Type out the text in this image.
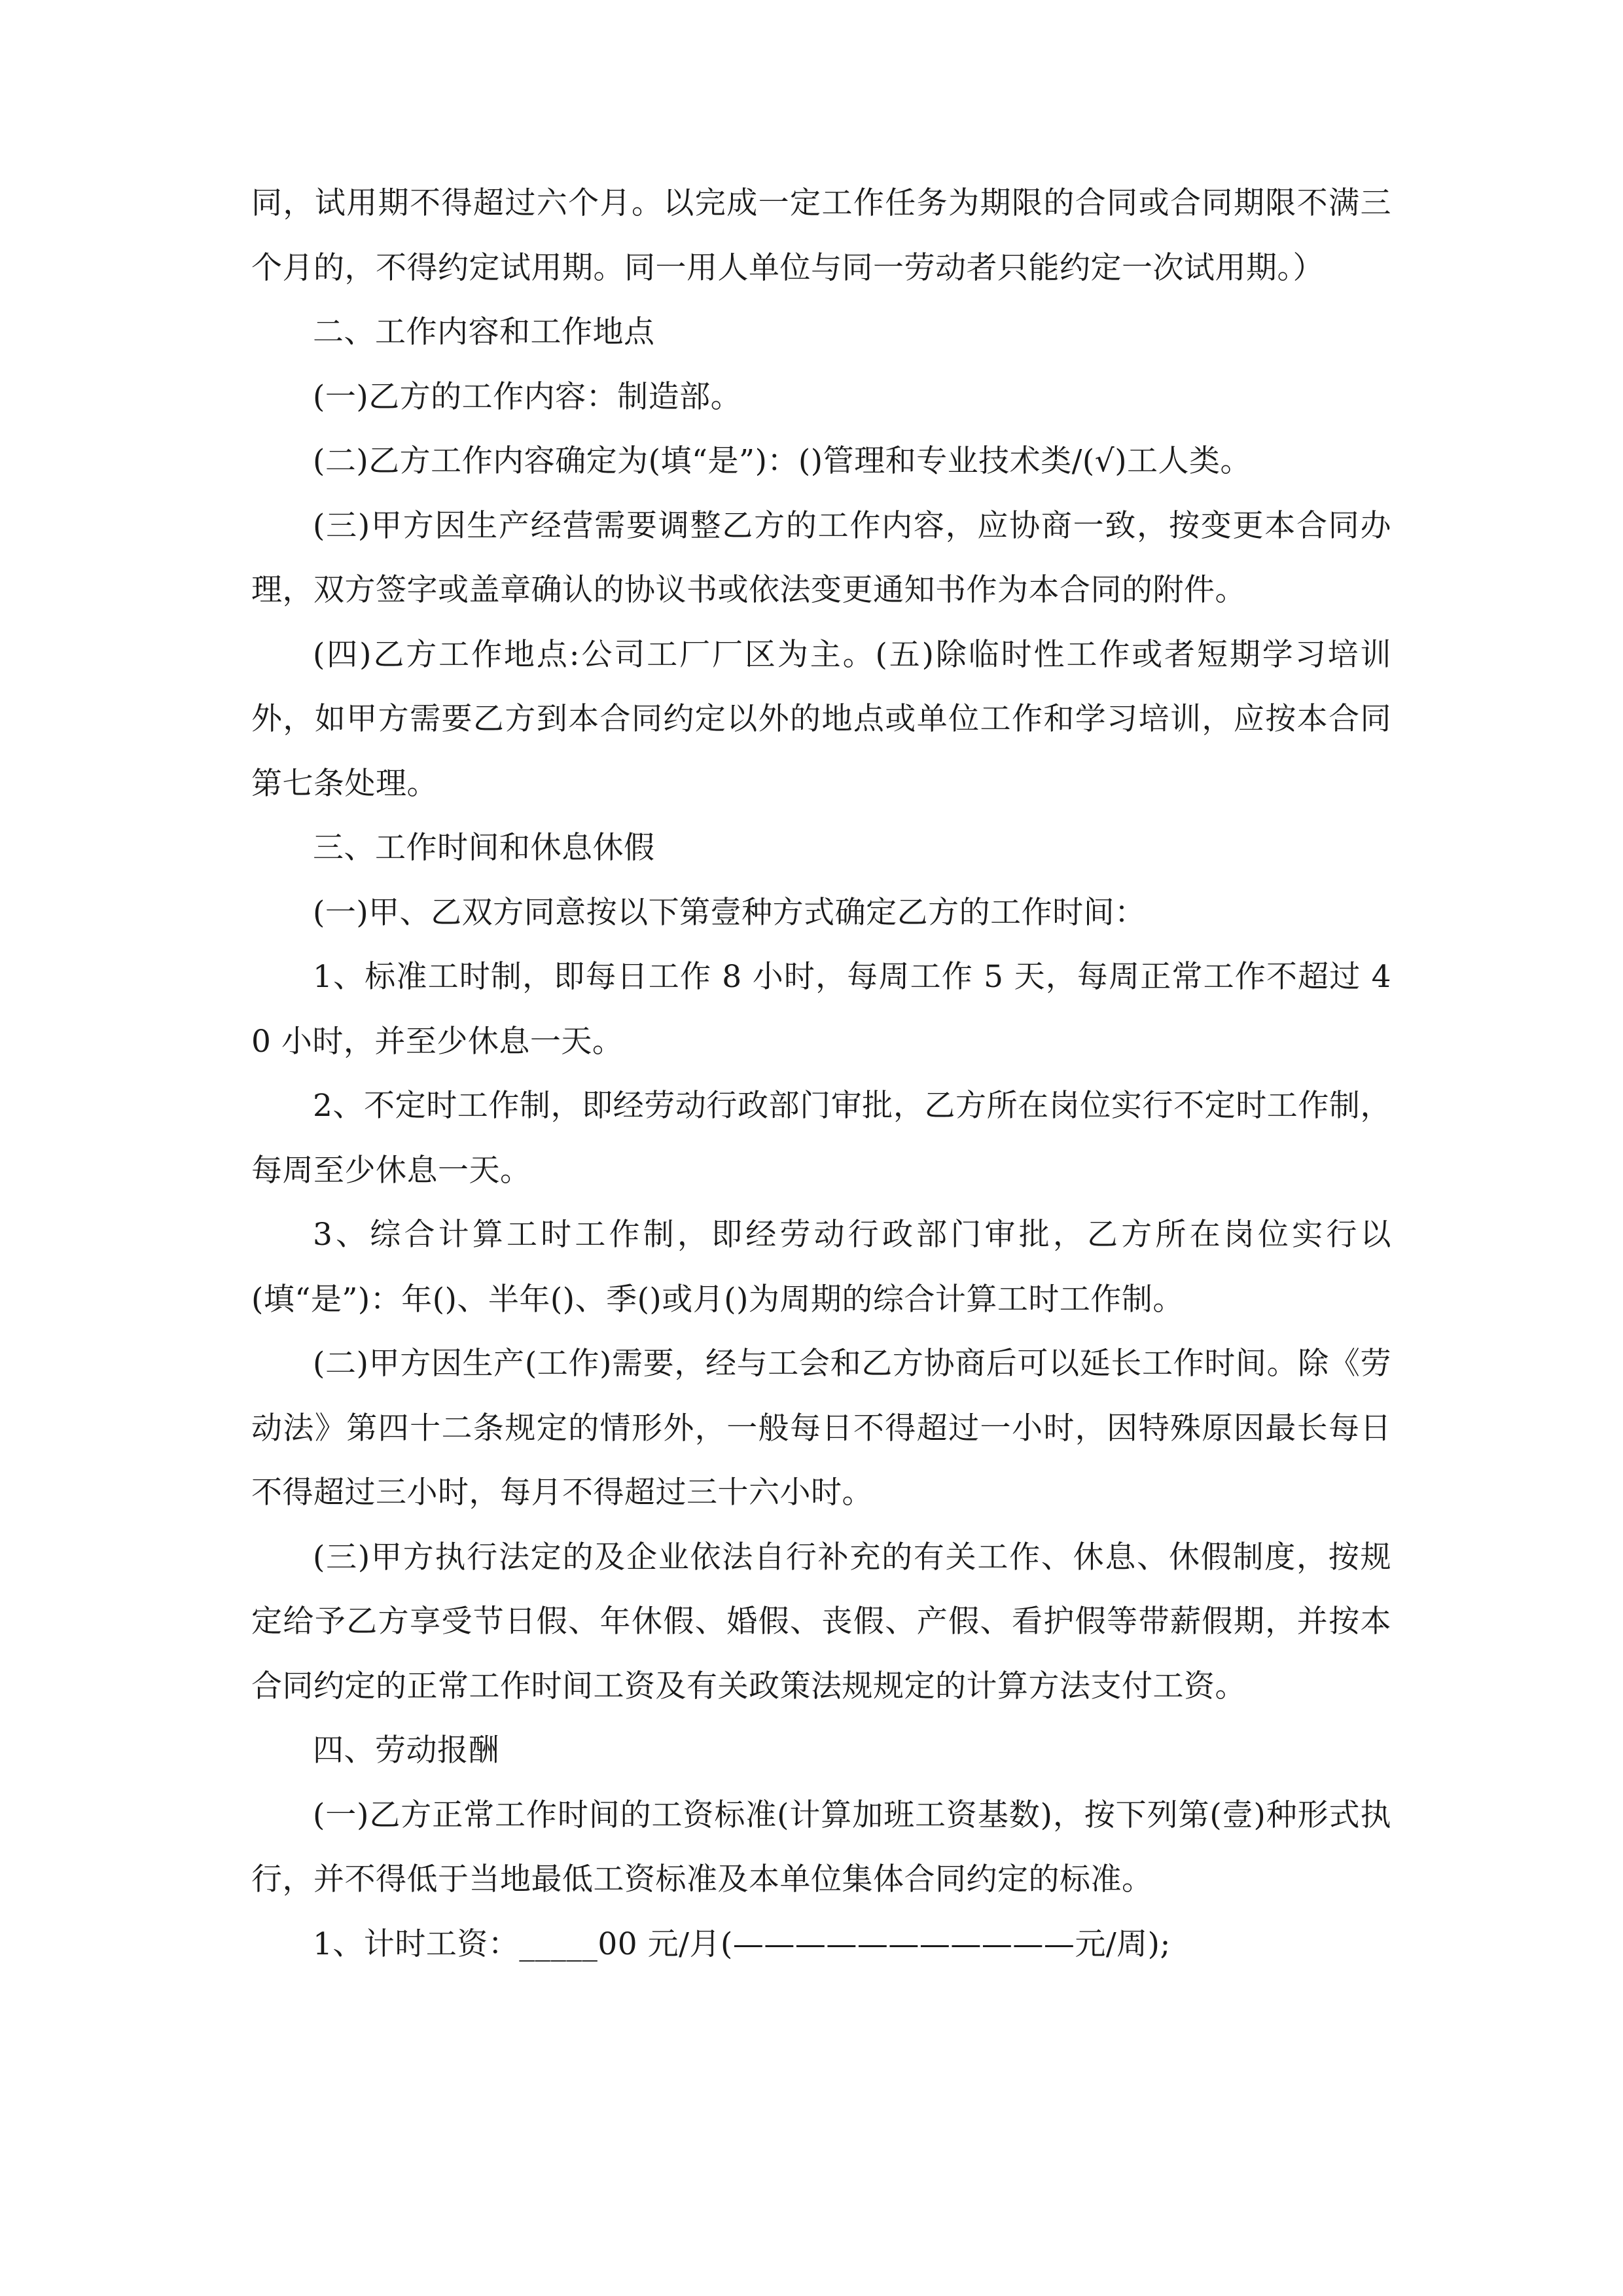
同，试用期不得超过六个月。以完成一定工作任务为期限的合同或合同期限不满三个月的，不得约定试用期。同一用人单位与同一劳动者只能约定一次试用期。）

二、工作内容和工作地点

(一)乙方的工作内容：制造部。

(二)乙方工作内容确定为(填“是”)：()管理和专业技术类/(√)工人类。

(三)甲方因生产经营需要调整乙方的工作内容，应协商一致，按变更本合同办理，双方签字或盖章确认的协议书或依法变更通知书作为本合同的附件。

(四)乙方工作地点:公司工厂厂区为主。(五)除临时性工作或者短期学习培训外，如甲方需要乙方到本合同约定以外的地点或单位工作和学习培训，应按本合同第七条处理。

三、工作时间和休息休假

(一)甲、乙双方同意按以下第壹种方式确定乙方的工作时间：

1、标准工时制，即每日工作 8 小时，每周工作 5 天，每周正常工作不超过 40 小时，并至少休息一天。

2、不定时工作制，即经劳动行政部门审批，乙方所在岗位实行不定时工作制，每周至少休息一天。

3、综合计算工时工作制，即经劳动行政部门审批，乙方所在岗位实行以(填“是”)：年()、半年()、季()或月()为周期的综合计算工时工作制。

(二)甲方因生产(工作)需要，经与工会和乙方协商后可以延长工作时间。除《劳动法》第四十二条规定的情形外，一般每日不得超过一小时，因特殊原因最长每日不得超过三小时，每月不得超过三十六小时。

(三)甲方执行法定的及企业依法自行补充的有关工作、休息、休假制度，按规定给予乙方享受节日假、年休假、婚假、丧假、产假、看护假等带薪假期，并按本合同约定的正常工作时间工资及有关政策法规规定的计算方法支付工资。

四、劳动报酬

(一)乙方正常工作时间的工资标准(计算加班工资基数)，按下列第(壹)种形式执行，并不得低于当地最低工资标准及本单位集体合同约定的标准。

1、计时工资：_____00 元/月(———————————元/周);
